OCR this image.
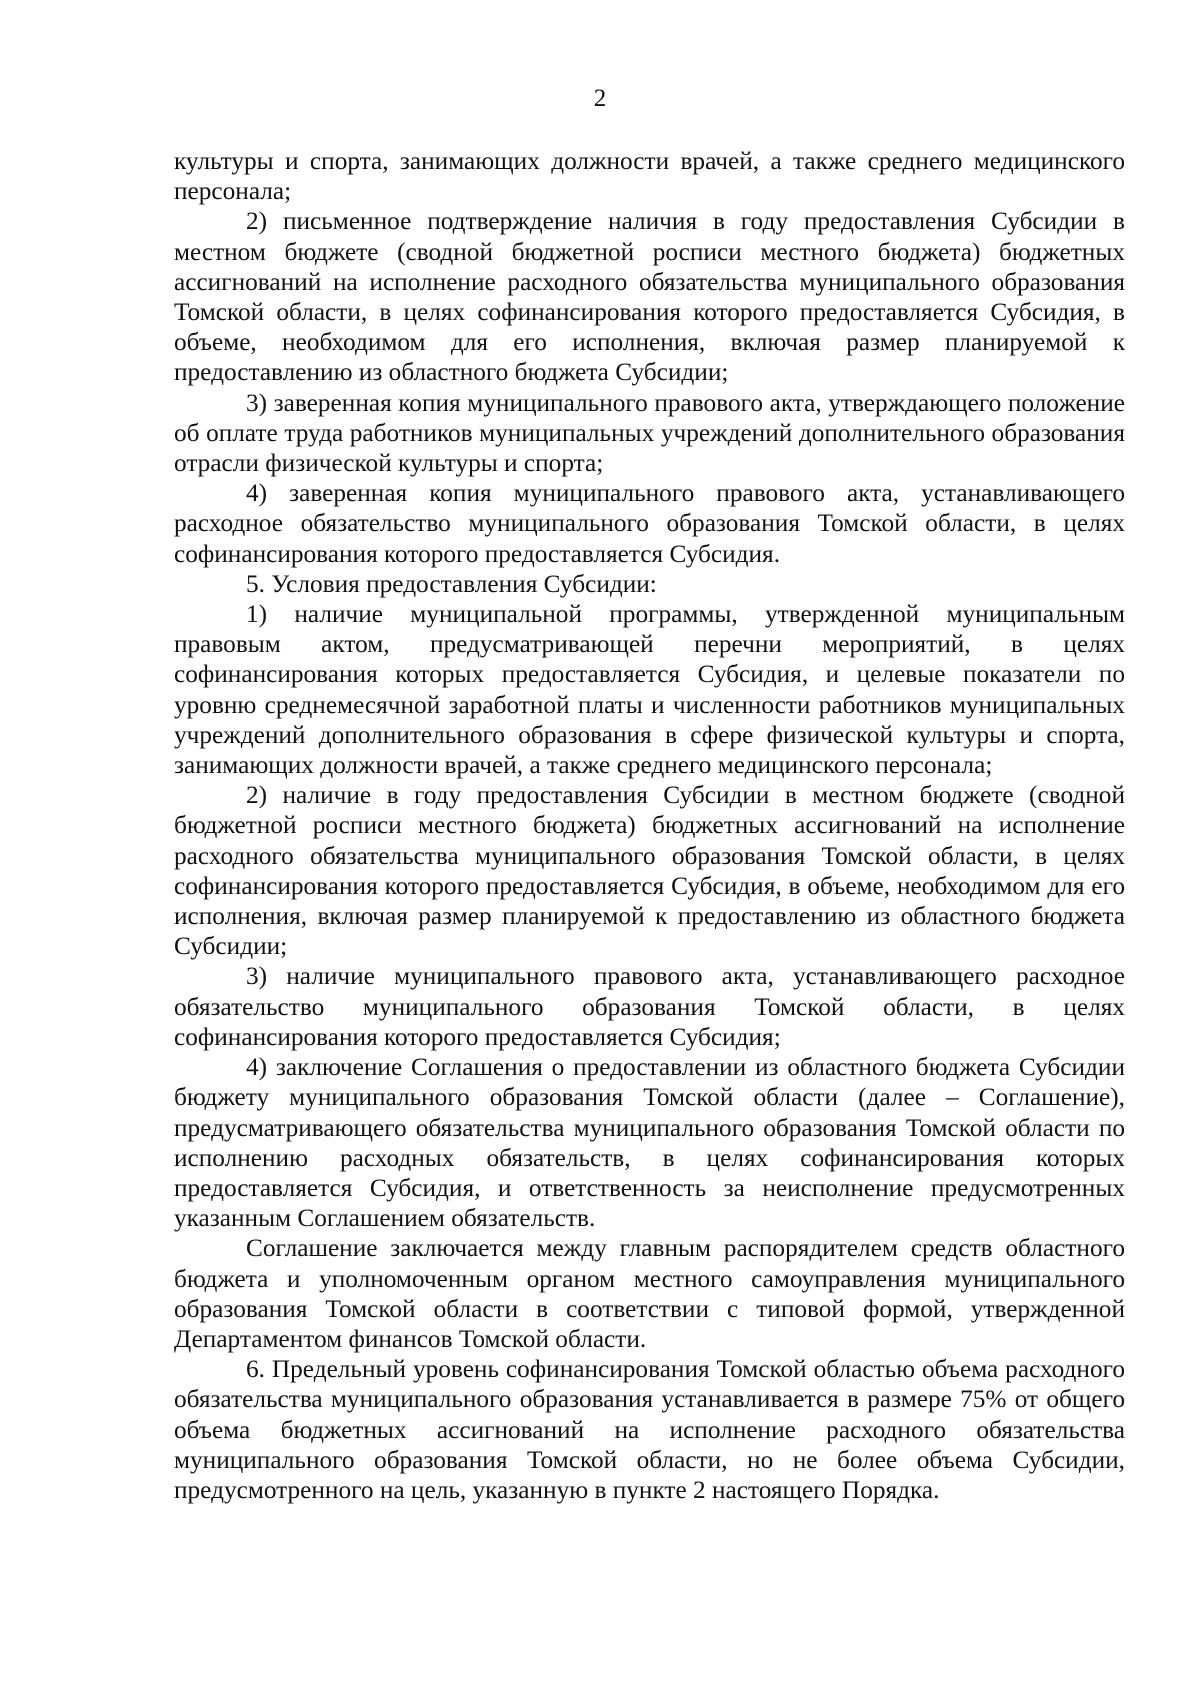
2

культуры и спорта, занимающих должности врачей, а также среднего медицинского персонала;

2) письменное подтверждение наличия в году предоставления Субсидии в местном бюджете (сводной бюджетной росписи местного бюджета) бюджетных ассигнований на исполнение расходного обязательства муниципального образования Томской области, в целях софинансирования которого предоставляется Субсидия, в объеме, необходимом для его исполнения, включая размер планируемой к предоставлению из областного бюджета Субсидии;

3) заверенная копия муниципального правового акта, утверждающего положение об оплате труда работников муниципальных учреждений дополнительного образования отрасли физической культуры и спорта;

4) заверенная копия муниципального правового акта, устанавливающего расходное обязательство муниципального образования Томской области, в целях софинансирования которого предоставляется Субсидия.

5. Условия предоставления Субсидии:

1) наличие муниципальной программы, утвержденной муниципальным правовым актом, предусматривающей перечни мероприятий, в целях софинансирования которых предоставляется Субсидия, и целевые показатели по уровню среднемесячной заработной платы и численности работников муниципальных учреждений дополнительного образования в сфере физической культуры и спорта, занимающих должности врачей, а также среднего медицинского персонала;

2) наличие в году предоставления Субсидии в местном бюджете (сводной бюджетной росписи местного бюджета) бюджетных ассигнований на исполнение расходного обязательства муниципального образования Томской области, в целях софинансирования которого предоставляется Субсидия, в объеме, необходимом для его исполнения, включая размер планируемой к предоставлению из областного бюджета Субсидии;

3) наличие муниципального правового акта, устанавливающего расходное обязательство муниципального образования Томской области, в целях софинансирования которого предоставляется Субсидия;

4) заключение Соглашения о предоставлении из областного бюджета Субсидии бюджету муниципального образования Томской области (далее – Соглашение), предусматривающего обязательства муниципального образования Томской области по исполнению расходных обязательств, в целях софинансирования которых предоставляется Субсидия, и ответственность за неисполнение предусмотренных указанным Соглашением обязательств.

Соглашение заключается между главным распорядителем средств областного бюджета и уполномоченным органом местного самоуправления муниципального образования Томской области в соответствии с типовой формой, утвержденной Департаментом финансов Томской области.

6. Предельный уровень софинансирования Томской областью объема расходного обязательства муниципального образования устанавливается в размере 75% от общего объема бюджетных ассигнований на исполнение расходного обязательства муниципального образования Томской области, но не более объема Субсидии, предусмотренного на цель, указанную в пункте 2 настоящего Порядка.
